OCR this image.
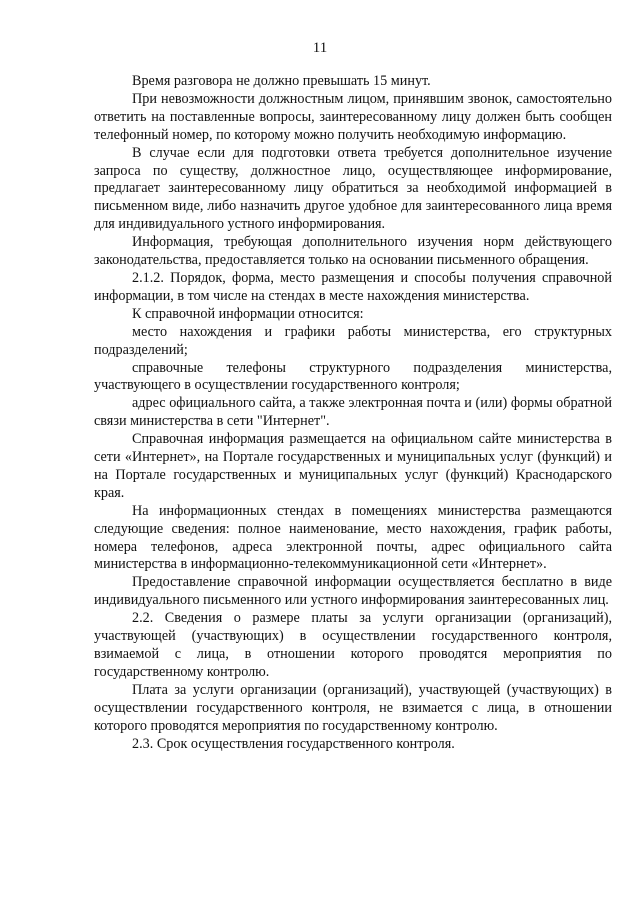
11

Время разговора не должно превышать 15 минут.

При невозможности должностным лицом, принявшим звонок, самостоятельно ответить на поставленные вопросы, заинтересованному лицу должен быть сообщен телефонный номер, по которому можно получить необходимую информацию.

В случае если для подготовки ответа требуется дополнительное изучение запроса по существу, должностное лицо, осуществляющее информирование, предлагает заинтересованному лицу обратиться за необходимой информацией в письменном виде, либо назначить другое удобное для заинтересованного лица время для индивидуального устного информирования.

Информация, требующая дополнительного изучения норм действующего законодательства, предоставляется только на основании письменного обращения.

2.1.2. Порядок, форма, место размещения и способы получения справочной информации, в том числе на стендах в месте нахождения министерства.

К справочной информации относится:

место нахождения и графики работы министерства, его структурных подразделений;

справочные телефоны структурного подразделения министерства, участвующего в осуществлении государственного контроля;

адрес официального сайта, а также электронная почта и (или) формы обратной связи министерства в сети "Интернет".

Справочная информация размещается на официальном сайте министерства в сети «Интернет», на Портале государственных и муниципальных услуг (функций) и на Портале государственных и муниципальных услуг (функций) Краснодарского края.

На информационных стендах в помещениях министерства размещаются следующие сведения: полное наименование, место нахождения, график работы, номера телефонов, адреса электронной почты, адрес официального сайта министерства в информационно-телекоммуникационной сети «Интернет».

Предоставление справочной информации осуществляется бесплатно в виде индивидуального письменного или устного информирования заинтересованных лиц.

2.2. Сведения о размере платы за услуги организации (организаций), участвующей (участвующих) в осуществлении государственного контроля, взимаемой с лица, в отношении которого проводятся мероприятия по государственному контролю.

Плата за услуги организации (организаций), участвующей (участвующих) в осуществлении государственного контроля, не взимается с лица, в отношении которого проводятся мероприятия по государственному контролю.

2.3. Срок осуществления государственного контроля.
